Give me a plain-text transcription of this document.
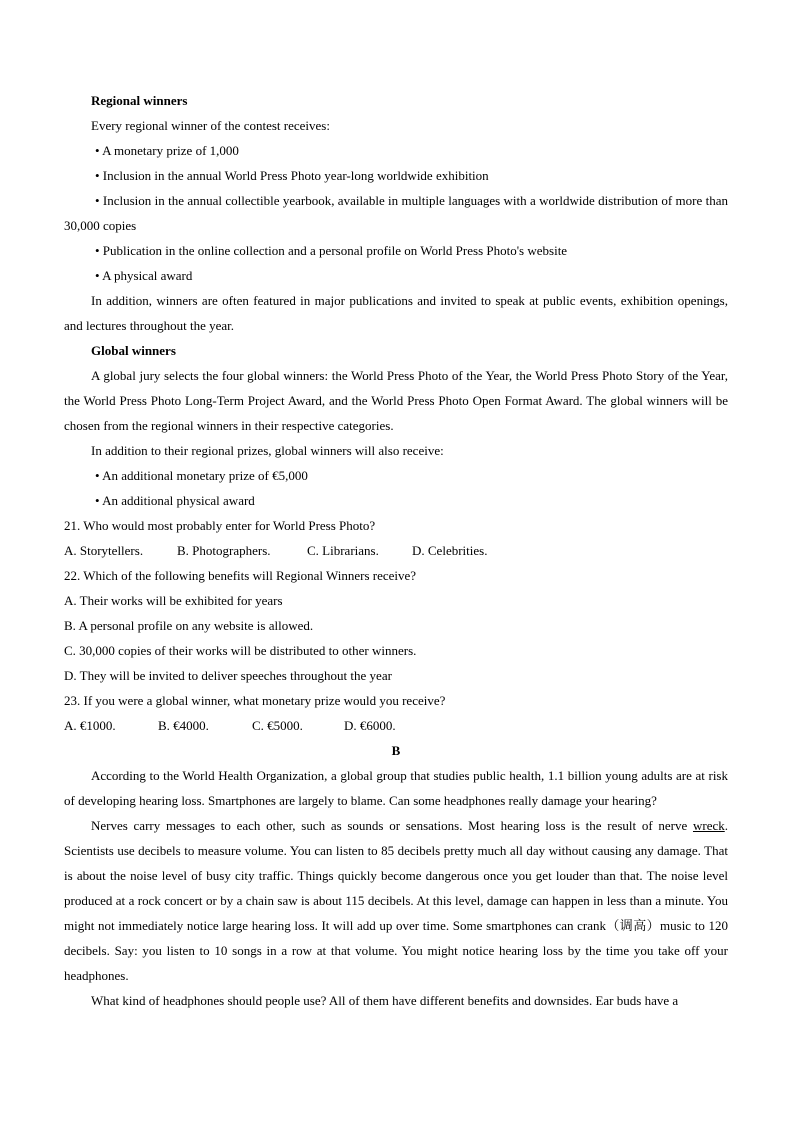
Regional winners
Every regional winner of the contest receives:
• A monetary prize of 1,000
• Inclusion in the annual World Press Photo year-long worldwide exhibition

• Inclusion in the annual collectible yearbook, available in multiple languages with a worldwide distribution of more than 30,000 copies

• Publication in the online collection and a personal profile on World Press Photo's website
• A physical award

In addition, winners are often featured in major publications and invited to speak at public events, exhibition openings, and lectures throughout the year.

Global winners

A global jury selects the four global winners: the World Press Photo of the Year, the World Press Photo Story of the Year, the World Press Photo Long-Term Project Award, and the World Press Photo Open Format Award. The global winners will be chosen from the regional winners in their respective categories.

In addition to their regional prizes, global winners will also receive:
• An additional monetary prize of €5,000
• An additional physical award
21. Who would most probably enter for World Press Photo?
A. Storytellers.	B. Photographers.	C. Librarians.	D. Celebrities.
22. Which of the following benefits will Regional Winners receive?
A. Their works will be exhibited for years
B. A personal profile on any website is allowed.
C. 30,000 copies of their works will be distributed to other winners.
D. They will be invited to deliver speeches throughout the year
23. If you were a global winner, what monetary prize would you receive?
A. €1000.	B. €4000.	C. €5000.	D. €6000.
B

According to the World Health Organization, a global group that studies public health, 1.1 billion young adults are at risk of developing hearing loss. Smartphones are largely to blame. Can some headphones really damage your hearing?

Nerves carry messages to each other, such as sounds or sensations. Most hearing loss is the result of nerve wreck. Scientists use decibels to measure volume. You can listen to 85 decibels pretty much all day without causing any damage. That is about the noise level of busy city traffic. Things quickly become dangerous once you get louder than that. The noise level produced at a rock concert or by a chain saw is about 115 decibels. At this level, damage can happen in less than a minute. You might not immediately notice large hearing loss. It will add up over time. Some smartphones can crank（调高）music to 120 decibels. Say: you listen to 10 songs in a row at that volume. You might notice hearing loss by the time you take off your headphones.

What kind of headphones should people use? All of them have different benefits and downsides. Ear buds have a
